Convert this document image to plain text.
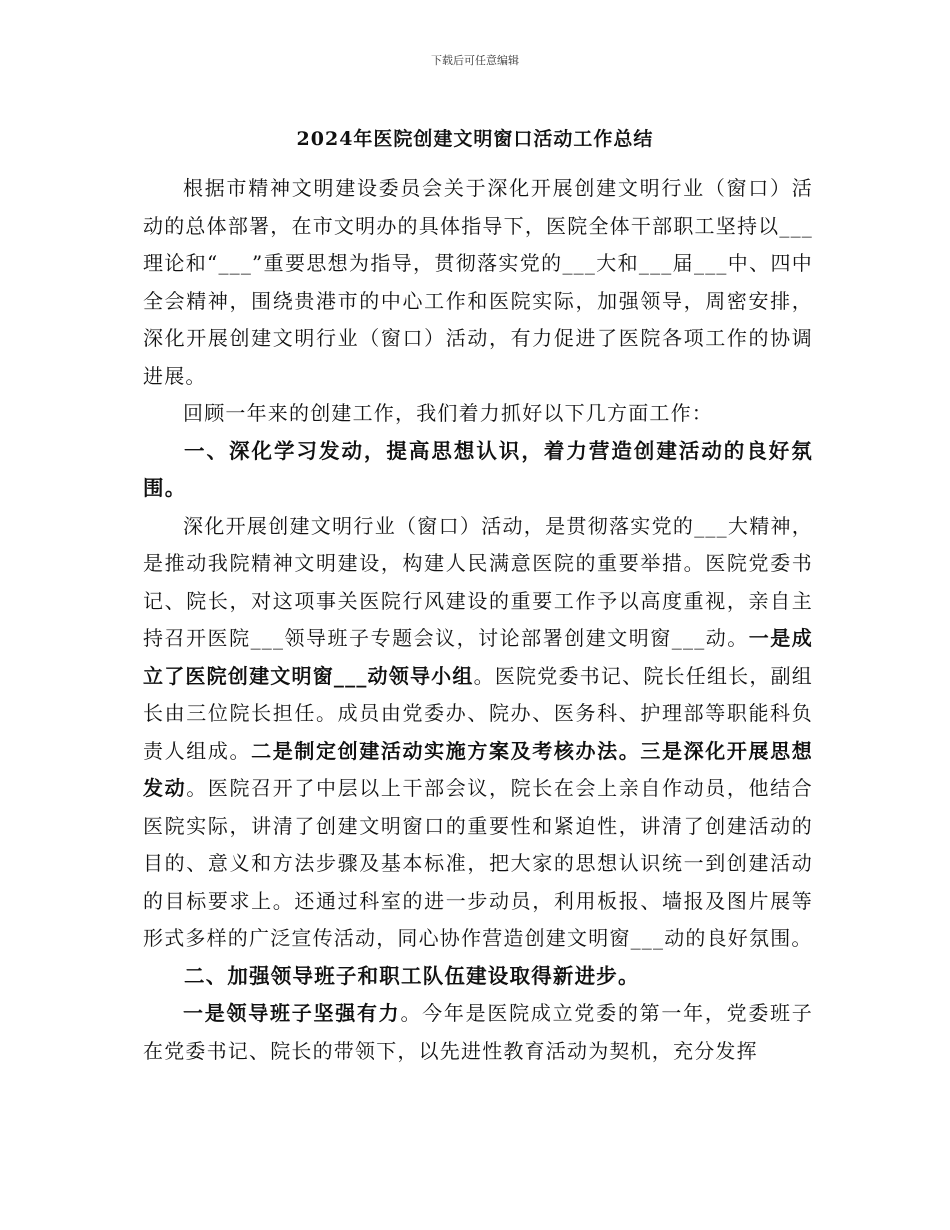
下载后可任意编辑
2024年医院创建文明窗口活动工作总结

根据市精神文明建设委员会关于深化开展创建文明行业（窗口）活动的总体部署，在市文明办的具体指导下，医院全体干部职工坚持以___理论和“___”重要思想为指导，贯彻落实党的___大和___届___中、四中全会精神，围绕贵港市的中心工作和医院实际，加强领导，周密安排，深化开展创建文明行业（窗口）活动，有力促进了医院各项工作的协调进展。

回顾一年来的创建工作，我们着力抓好以下几方面工作：

一、深化学习发动，提高思想认识，着力营造创建活动的良好氛围。

深化开展创建文明行业（窗口）活动，是贯彻落实党的___大精神，是推动我院精神文明建设，构建人民满意医院的重要举措。医院党委书记、院长，对这项事关医院行风建设的重要工作予以高度重视，亲自主持召开医院___领导班子专题会议，讨论部署创建文明窗___动。一是成立了医院创建文明窗___动领导小组。医院党委书记、院长任组长，副组长由三位院长担任。成员由党委办、院办、医务科、护理部等职能科负责人组成。二是制定创建活动实施方案及考核办法。三是深化开展思想发动。医院召开了中层以上干部会议，院长在会上亲自作动员，他结合医院实际，讲清了创建文明窗口的重要性和紧迫性，讲清了创建活动的目的、意义和方法步骤及基本标准，把大家的思想认识统一到创建活动的目标要求上。还通过科室的进一步动员，利用板报、墙报及图片展等形式多样的广泛宣传活动，同心协作营造创建文明窗___动的良好氛围。

二、加强领导班子和职工队伍建设取得新进步。

一是领导班子坚强有力。今年是医院成立党委的第一年，党委班子在党委书记、院长的带领下，以先进性教育活动为契机，充分发挥
